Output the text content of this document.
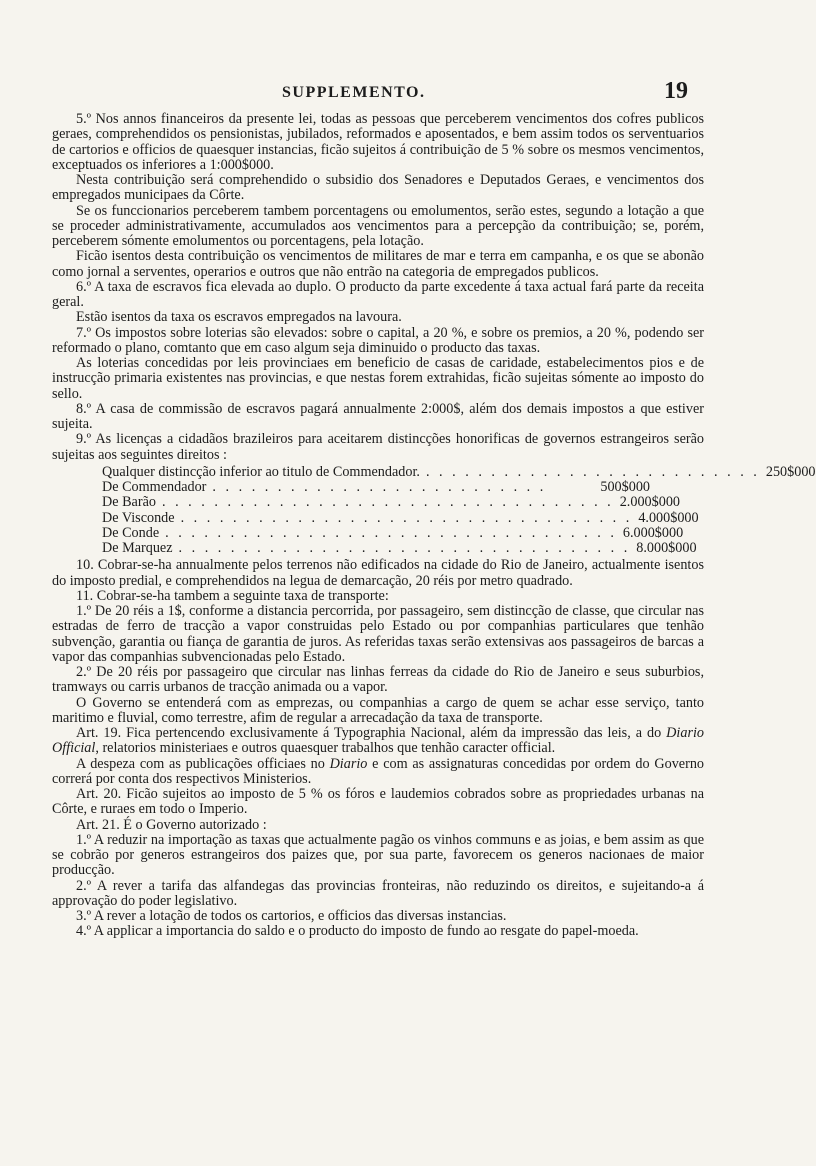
SUPPLEMENTO.	19

5.º Nos annos financeiros da presente lei, todas as pessoas que perceberem vencimentos dos cofres publicos geraes, comprehendidos os pensionistas, jubilados, reformados e aposentados, e bem assim todos os serventuarios de cartorios e officios de quaesquer instancias, ficão sujeitos á contribuição de 5 % sobre os mesmos vencimentos, exceptuados os inferiores a 1:000$000.

Nesta contribuição será comprehendido o subsidio dos Senadores e Deputados Geraes, e vencimentos dos empregados municipaes da Côrte.

Se os funccionarios perceberem tambem porcentagens ou emolumentos, serão estes, segundo a lotação a que se proceder administrativamente, accumulados aos vencimentos para a percepção da contribuição; se, porém, perceberem sómente emolumentos ou porcentagens, pela lotação.

Ficão isentos desta contribuição os vencimentos de militares de mar e terra em campanha, e os que se abonão como jornal a serventes, operarios e outros que não entrão na categoria de empregados publicos.

6.º A taxa de escravos fica elevada ao duplo. O producto da parte excedente á taxa actual fará parte da receita geral.

Estão isentos da taxa os escravos empregados na lavoura.

7.º Os impostos sobre loterias são elevados: sobre o capital, a 20 %, e sobre os premios, a 20 %, podendo ser reformado o plano, comtanto que em caso algum seja diminuido o producto das taxas.

As loterias concedidas por leis provinciaes em beneficio de casas de caridade, estabelecimentos pios e de instrucção primaria existentes nas provincias, e que nestas forem extrahidas, ficão sujeitas sómente ao imposto do sello.

8.º A casa de commissão de escravos pagará annualmente 2:000$, além dos demais impostos a que estiver sujeita.

9.º As licenças a cidadãos brazileiros para aceitarem distincções honorificas de governos estrangeiros serão sujeitas aos seguintes direitos :

Qualquer distincção inferior ao titulo de Commendador. . . . . . . . . . . . . . . . . . . . . . . . . . . 250$000
De Commendador . . . . . . . . . . . . . . . . . . . . . . . . . .	500$000
De Barão . . . . . . . . . . . . . . . . . . . . . . . . . . . . . . . . . . . 2.000$000
De Visconde . . . . . . . . . . . . . . . . . . . . . . . . . . . . . . . . . . . 4.000$000
De Conde . . . . . . . . . . . . . . . . . . . . . . . . . . . . . . . . . . . 6.000$000
De Marquez . . . . . . . . . . . . . . . . . . . . . . . . . . . . . . . . . . . 8.000$000

10. Cobrar-se-ha annualmente pelos terrenos não edificados na cidade do Rio de Janeiro, actualmente isentos do imposto predial, e comprehendidos na legua de demarcação, 20 réis por metro quadrado.

11. Cobrar-se-ha tambem a seguinte taxa de transporte:

1.º De 20 réis a 1$, conforme a distancia percorrida, por passageiro, sem distincção de classe, que circular nas estradas de ferro de tracção a vapor construidas pelo Estado ou por companhias particulares que tenhão subvenção, garantia ou fiança de garantia de juros. As referidas taxas serão extensivas aos passageiros de barcas a vapor das companhias subvencionadas pelo Estado.

2.º De 20 réis por passageiro que circular nas linhas ferreas da cidade do Rio de Janeiro e seus suburbios, tramways ou carris urbanos de tracção animada ou a vapor.

O Governo se entenderá com as emprezas, ou companhias a cargo de quem se achar esse serviço, tanto maritimo e fluvial, como terrestre, afim de regular a arrecadação da taxa de transporte.

Art. 19. Fica pertencendo exclusivamente á Typographia Nacional, além da impressão das leis, a do Diario Official, relatorios ministeriaes e outros quaesquer trabalhos que tenhão caracter official.

A despeza com as publicações officiaes no Diario e com as assignaturas concedidas por ordem do Governo correrá por conta dos respectivos Ministerios.

Art. 20. Ficão sujeitos ao imposto de 5 % os fóros e laudemios cobrados sobre as propriedades urbanas na Côrte, e ruraes em todo o Imperio.

Art. 21. É o Governo autorizado :

1.º A reduzir na importação as taxas que actualmente pagão os vinhos communs e as joias, e bem assim as que se cobrão por generos estrangeiros dos paizes que, por sua parte, favorecem os generos nacionaes de maior producção.

2.º A rever a tarifa das alfandegas das provincias fronteiras, não reduzindo os direitos, e sujeitando-a á approvação do poder legislativo.

3.º A rever a lotação de todos os cartorios, e officios das diversas instancias.

4.º A applicar a importancia do saldo e o producto do imposto de fundo ao resgate do papel-moeda.
